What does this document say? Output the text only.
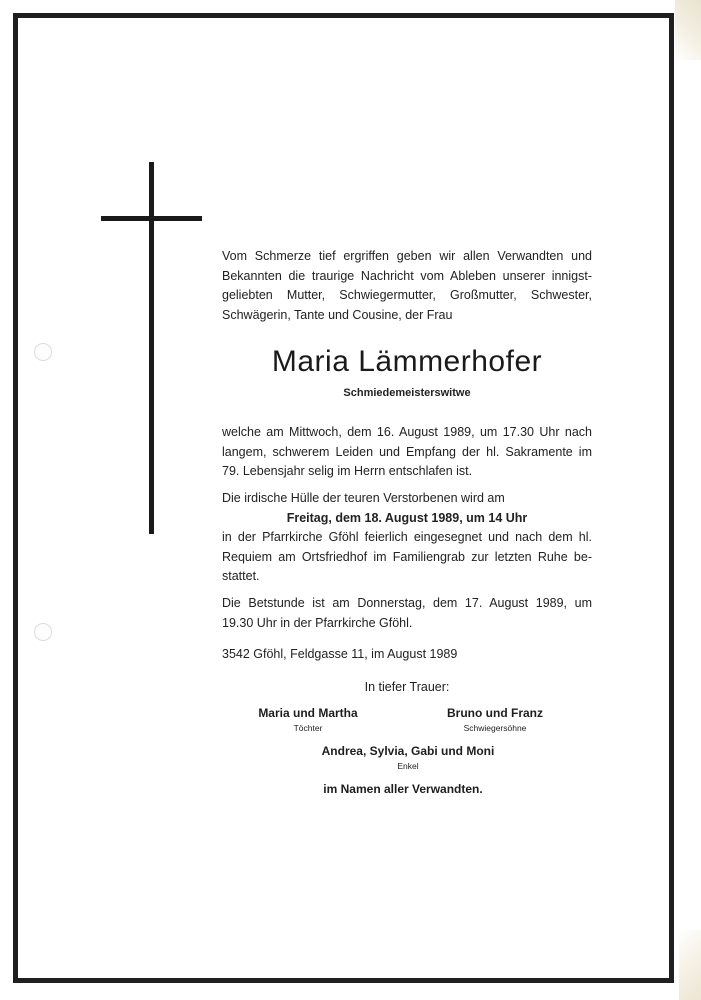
Vom Schmerze tief ergriffen geben wir allen Verwandten und
Bekannten die traurige Nachricht vom Ableben unserer innigst-
geliebten Mutter, Schwiegermutter, Großmutter, Schwester,
Schwägerin, Tante und Cousine, der Frau
Maria Lämmerhofer
Schmiedemeisterswitwe
welche am Mittwoch, dem 16. August 1989, um 17.30 Uhr nach
langem, schwerem Leiden und Empfang der hl. Sakramente im
79. Lebensjahr selig im Herrn entschlafen ist.
Die irdische Hülle der teuren Verstorbenen wird am
Freitag, dem 18. August 1989, um 14 Uhr
in der Pfarrkirche Gföhl feierlich eingesegnet und nach dem hl.
Requiem am Ortsfriedhof im Familiengrab zur letzten Ruhe be-
stattet.
Die Betstunde ist am Donnerstag, dem 17. August 1989, um
19.30 Uhr in der Pfarrkirche Gföhl.
3542 Gföhl, Feldgasse 11, im August 1989
In tiefer Trauer:
Maria und Martha
Töchter
Bruno und Franz
Schwiegersöhne
Andrea, Sylvia, Gabi und Moni
Enkel
im Namen aller Verwandten.
